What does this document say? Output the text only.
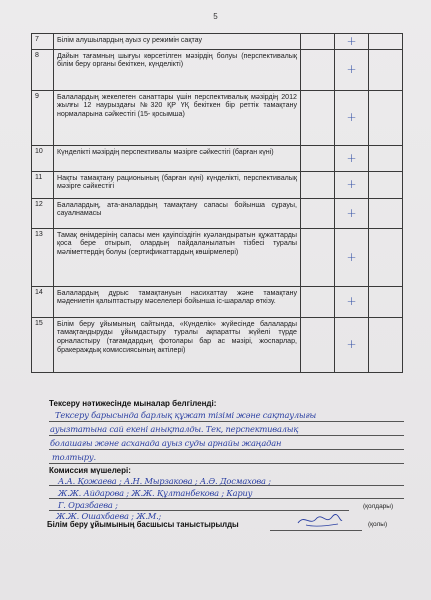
5
7	Білім алушылардың ауыз су режимін сақтау		+	
8	Дайын тағамның шығуы көрсетілген мәзірдің болуы (перспективалық білім беру органы бекіткен, күнделікті)		+	
9	Балалардың жекелеген санаттары үшін перспективалық мәзірдің 2012 жылғы 12 наурыздағы №320 ҚР ҮҚ бекіткен бір реттік тамақтану нормаларына сәйкестігі (15- қосымша)		+	
10	Күнделікті мәзірдің перспективалы мәзірге сәйкестігі (барған күні)		+	
11	Нақты тамақтану рационының (барған күні) күнделікті, перспективалық мәзірге сәйкестігі		+	
12	Балалардың, ата-аналардың тамақтану сапасы бойынша сұрауы, сауалнамасы		+	
13	Тамақ өнімдерінің сапасы мен қауіпсіздігін куәландыратын құжаттарды қоса бере отырып, олардың пайдаланылатын тізбесі туралы мәліметтердің болуы (сертификаттардың көшірмелері)		+	
14	Балалардың дұрыс тамақтануын насихаттау және тамақтану мәдениетін қалыптастыру мәселелері бойынша іс-шаралар өткізу.		+	
15	Білім беру ұйымының сайтында, «Күнделік» жүйесінде балаларды тамақтандыруды ұйымдастыру туралы ақпаратты жүйелі түрде орналастыру (тағамдардың фотолары бар ас мәзірі, жоспарлар, бракераждық комиссиясының актілері)		+	
Тексеру нәтижесінде мыналар белгіленді:
Тексеру барысында барлық құжат тізімі және сақтаулығы
ауызтатына сай екені анықталды. Тек, перспективалық
болашағы және асханада ауыз суды арнайы жаңадан
толтыру.
Комиссия мүшелері:
А.А. Қожаева ; А.Н. Мырзакова ; А.Ә. Досмахова ;
Ж.Ж. Айдарова ; Ж.Ж. Құлтанбекова ; Кариу
Г. Оразбаева ;
Ж.Ж. Ошахбаева ; Ж.М.;
(қолдары)
Білім беру ұйымының басшысы таныстырылды	(қолы)
